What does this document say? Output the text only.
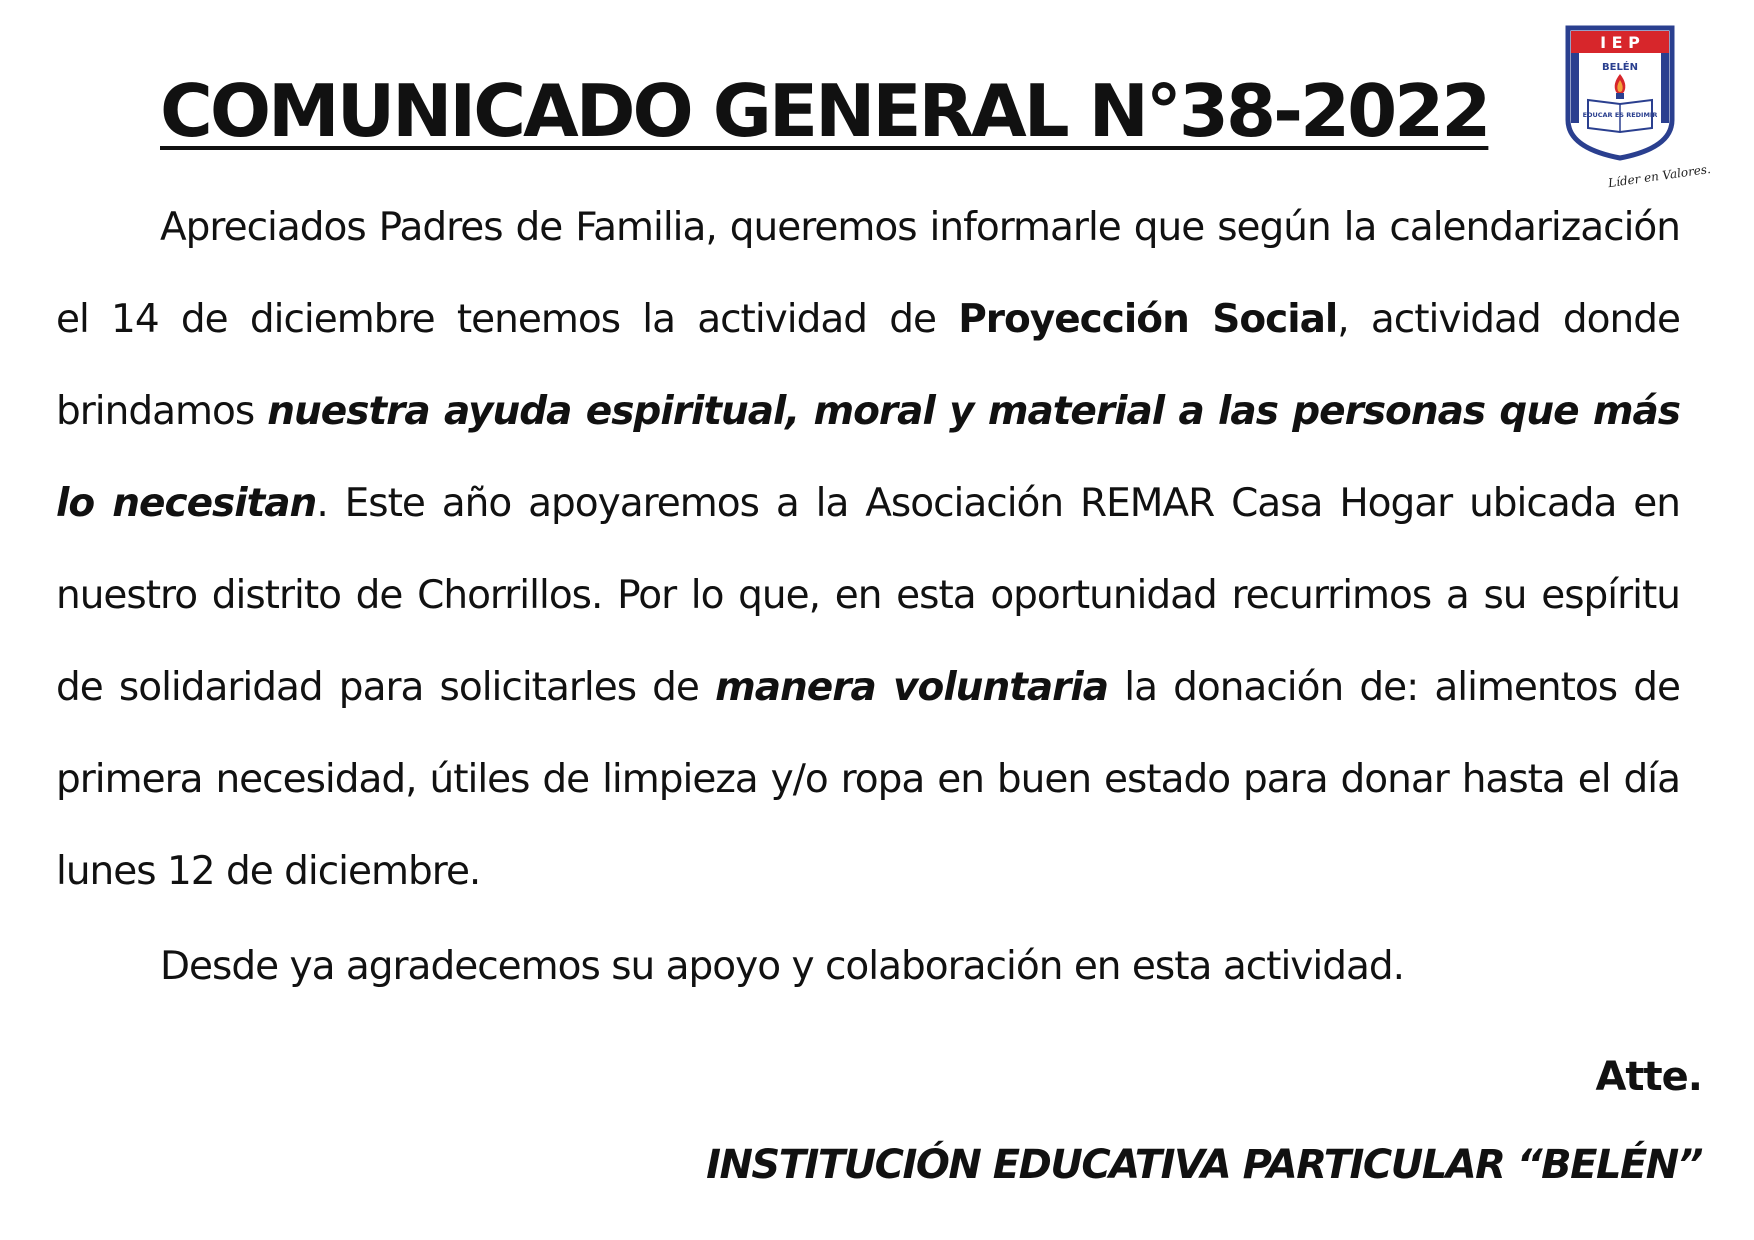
COMUNICADO GENERAL N°38-2022
I E P
BELÉN
EDUCAR ES REDIMIR
Líder en Valores.

Apreciados Padres de Familia, queremos informarle que según la calendarización el 14 de diciembre tenemos la actividad de Proyección Social, actividad donde brindamos nuestra ayuda espiritual, moral y material a las personas que más lo necesitan. Este año apoyaremos a la Asociación REMAR Casa Hogar ubicada en nuestro distrito de Chorrillos. Por lo que, en esta oportunidad recurrimos a su espíritu de solidaridad para solicitarles de manera voluntaria la donación de: alimentos de primera necesidad, útiles de limpieza y/o ropa en buen estado para donar hasta el día lunes 12 de diciembre.

Desde ya agradecemos su apoyo y colaboración en esta actividad.

Atte.

INSTITUCIÓN EDUCATIVA PARTICULAR “BELÉN”
